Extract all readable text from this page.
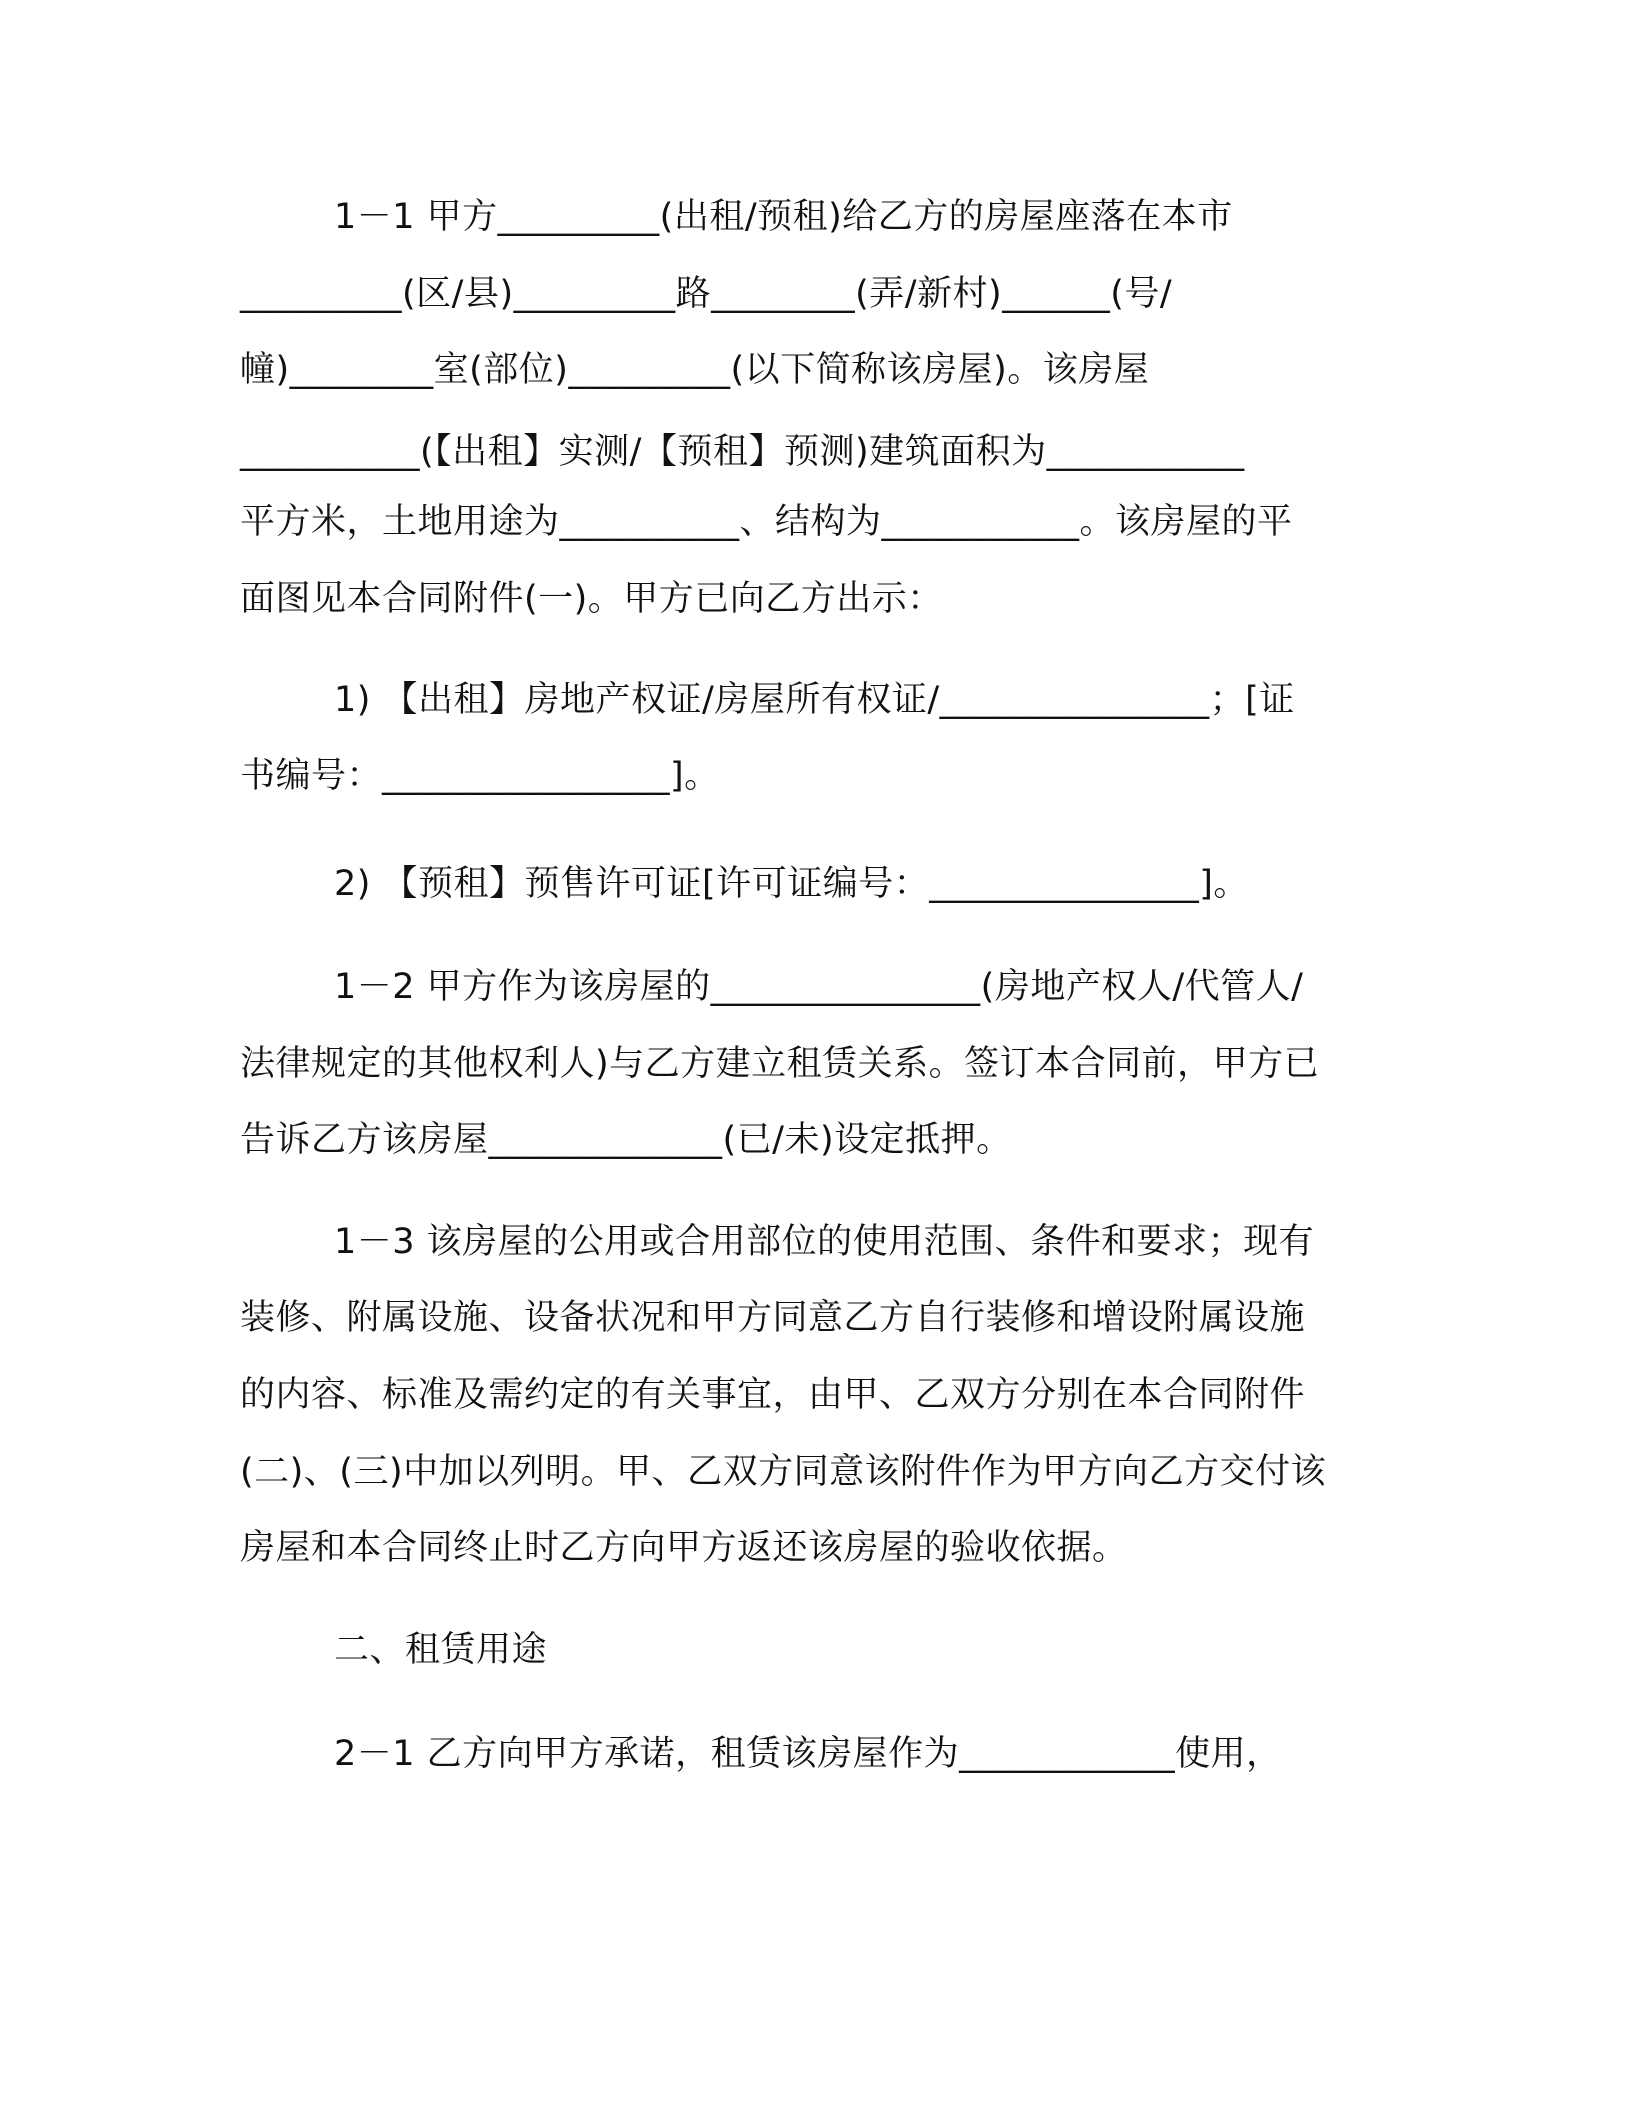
1－1 甲方_________(出租/预租)给乙方的房屋座落在本市
_________(区/县)_________路________(弄/新村)______(号/
幢)________室(部位)_________(以下简称该房屋)。该房屋
__________(【出租】实测/【预租】预测)建筑面积为___________
平方米，土地用途为__________、结构为___________。该房屋的平
面图见本合同附件(一)。甲方已向乙方出示：
1) 【出租】房地产权证/房屋所有权证/_______________；[证
书编号：________________]。
2) 【预租】预售许可证[许可证编号：_______________]。
1－2 甲方作为该房屋的_______________(房地产权人/代管人/
法律规定的其他权利人)与乙方建立租赁关系。签订本合同前，甲方已
告诉乙方该房屋_____________(已/未)设定抵押。
1－3 该房屋的公用或合用部位的使用范围、条件和要求；现有
装修、附属设施、设备状况和甲方同意乙方自行装修和增设附属设施
的内容、标准及需约定的有关事宜，由甲、乙双方分别在本合同附件
(二)、(三)中加以列明。甲、乙双方同意该附件作为甲方向乙方交付该
房屋和本合同终止时乙方向甲方返还该房屋的验收依据。
二、租赁用途
2－1 乙方向甲方承诺，租赁该房屋作为____________使用，
